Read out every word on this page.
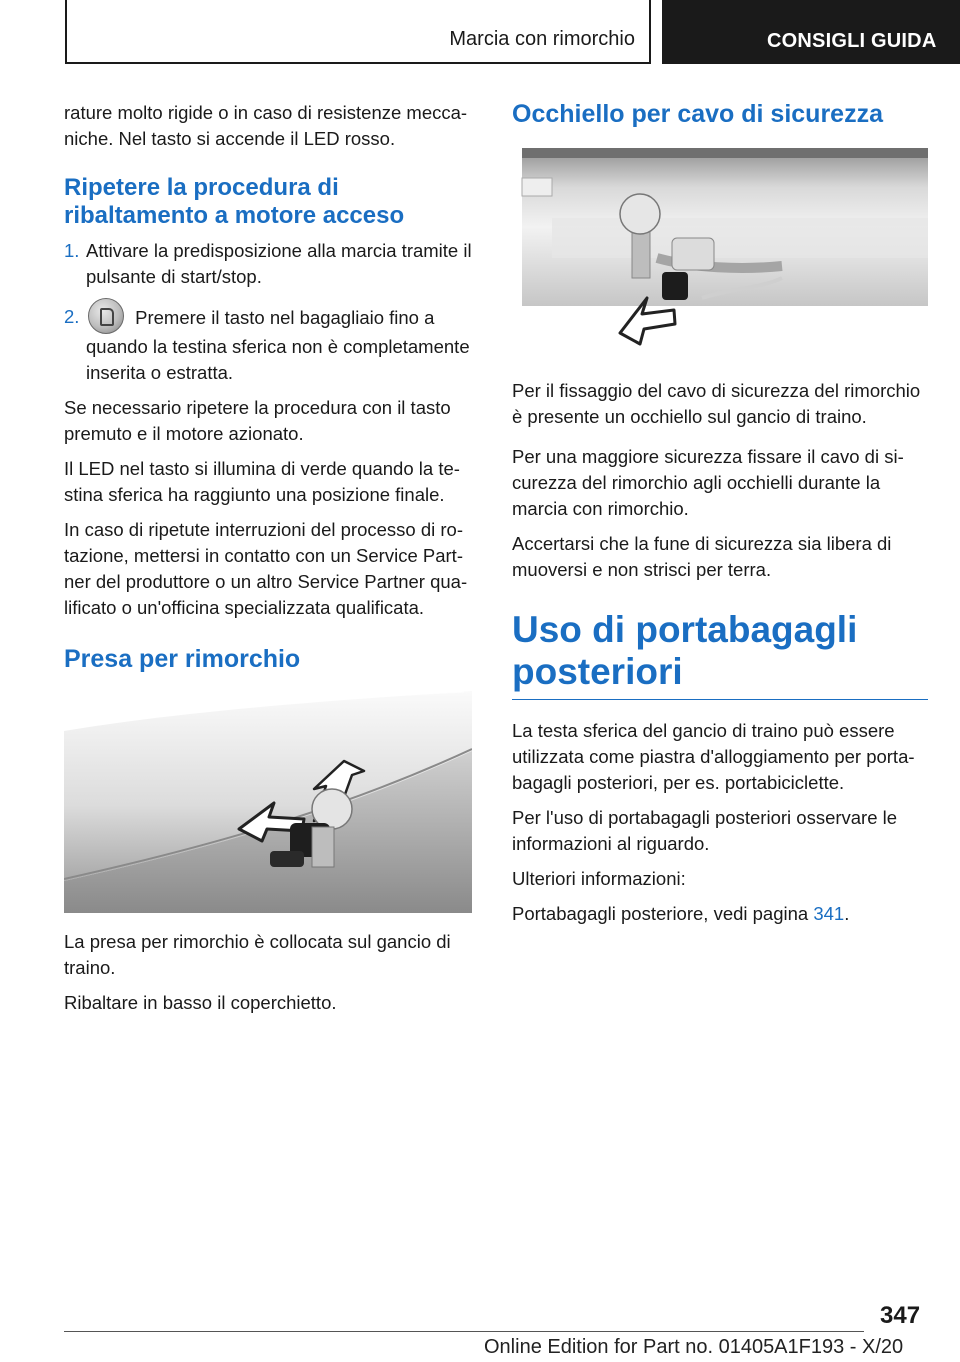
Marcia con rimorchio	CONSIGLI GUIDA

rature molto rigide o in caso di resistenze meccaniche. Nel tasto si accende il LED rosso.

Ripetere la procedura di ribaltamento a motore acceso
1. Attivare la predisposizione alla marcia tramite il pulsante di start/stop.
2.	Premere il tasto nel bagagliaio fino a quando la testina sferica non è completamente inserita o estratta.

Se necessario ripetere la procedura con il tasto premuto e il motore azionato.

Il LED nel tasto si illumina di verde quando la testina sferica ha raggiunto una posizione finale.

In caso di ripetute interruzioni del processo di rotazione, mettersi in contatto con un Service Partner del produttore o un altro Service Partner qualificato o un'officina specializzata qualificata.

Presa per rimorchio

La presa per rimorchio è collocata sul gancio di traino.

Ribaltare in basso il coperchietto.

Occhiello per cavo di sicurezza

Per il fissaggio del cavo di sicurezza del rimorchio è presente un occhiello sul gancio di traino.

Per una maggiore sicurezza fissare il cavo di sicurezza del rimorchio agli occhielli durante la marcia con rimorchio.

Accertarsi che la fune di sicurezza sia libera di muoversi e non strisci per terra.

Uso di portabagagli posteriori

La testa sferica del gancio di traino può essere utilizzata come piastra d'alloggiamento per portabagagli posteriori, per es. portabiciclette.

Per l'uso di portabagagli posteriori osservare le informazioni al riguardo.

Ulteriori informazioni:

Portabagagli posteriore, vedi pagina 341.

347
Online Edition for Part no. 01405A1F193 - X/20
